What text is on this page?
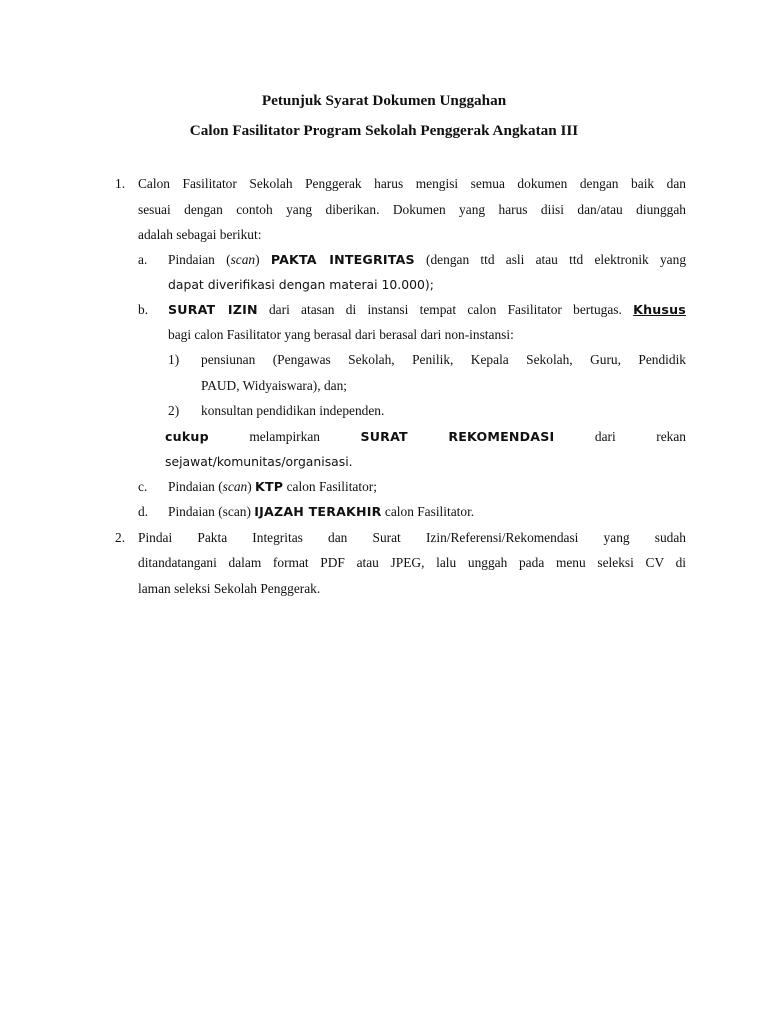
Petunjuk Syarat Dokumen Unggahan
Calon Fasilitator Program Sekolah Penggerak Angkatan III
1. Calon Fasilitator Sekolah Penggerak harus mengisi semua dokumen dengan baik dan
sesuai dengan contoh yang diberikan. Dokumen yang harus diisi dan/atau diunggah
adalah sebagai berikut:
a. Pindaian (scan) PAKTA INTEGRITAS (dengan ttd asli atau ttd elektronik yang
dapat diverifikasi dengan materai 10.000);
b. SURAT IZIN dari atasan di instansi tempat calon Fasilitator bertugas. Khusus
bagi calon Fasilitator yang berasal dari berasal dari non-instansi:
1) pensiunan (Pengawas Sekolah, Penilik, Kepala Sekolah, Guru, Pendidik
PAUD, Widyaiswara), dan;
2) konsultan pendidikan independen.
cukup	melampirkan	SURAT	REKOMENDASI	dari	rekan
sejawat/komunitas/organisasi.
c. Pindaian (scan) KTP calon Fasilitator;
d. Pindaian (scan) IJAZAH TERAKHIR calon Fasilitator.
2. Pindai Pakta Integritas dan Surat Izin/Referensi/Rekomendasi yang sudah
ditandatangani dalam format PDF atau JPEG, lalu unggah pada menu seleksi CV di
laman seleksi Sekolah Penggerak.
